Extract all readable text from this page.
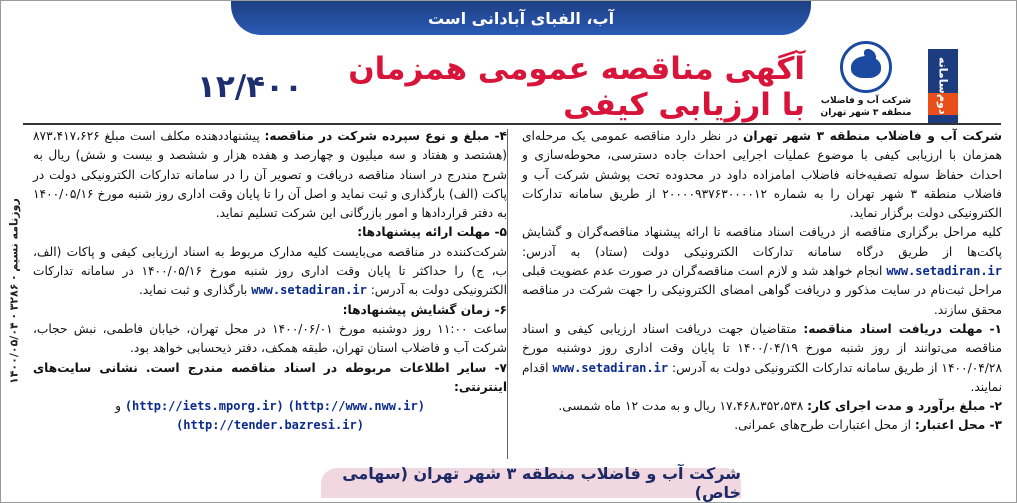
آب، الفبای آبادانی است
شرکت آب و فاضلاب منطقه ۳ شهر تهران
سامانه
دوم
آگهی مناقصه عمومی همزمان با ارزیابی کیفی
۱۲/۴۰۰
روزنامه نسیم · ۳۲۸۶ · ۱۴۰۰/۰۵/۰۴

شرکت آب و فاضلاب منطقه ۳ شهر تهران در نظر دارد مناقصه عمومی یک مرحله‌ای همزمان با ارزیابی کیفی با موضوع عملیات اجرایی احداث جاده دسترسی، محوطه‌سازی و احداث حفاظ سوله تصفیه‌خانه فاضلاب امامزاده داود در محدوده تحت پوشش شرکت آب و فاضلاب منطقه ۳ شهر تهران را به شماره ۲۰۰۰۰۹۳۷۶۳۰۰۰۰۱۲ از طریق سامانه تدارکات الکترونیکی دولت برگزار نماید.

کلیه مراحل برگزاری مناقصه از دریافت اسناد مناقصه تا ارائه پیشنهاد مناقصه‌گران و گشایش پاکت‌ها از طریق درگاه سامانه تدارکات الکترونیکی دولت (ستاد) به آدرس: www.setadiran.ir انجام خواهد شد و لازم است مناقصه‌گران در صورت عدم عضویت قبلی مراحل ثبت‌نام در سایت مذکور و دریافت گواهی امضای الکترونیکی را جهت شرکت در مناقصه محقق سازند.

۱- مهلت دریافت اسناد مناقصه: متقاضیان جهت دریافت اسناد ارزیابی کیفی و اسناد مناقصه می‌توانند از روز شنبه مورخ ۱۴۰۰/۰۴/۱۹ تا پایان وقت اداری روز دوشنبه مورخ ۱۴۰۰/۰۴/۲۸ از طریق سامانه تدارکات الکترونیکی دولت به آدرس: www.setadiran.ir اقدام نمایند.

۲- مبلغ برآورد و مدت اجرای کار: ۱۷،۴۶۸،۳۵۲،۵۳۸ ریال و به مدت ۱۲ ماه شمسی.

۳- محل اعتبار: از محل اعتبارات طرح‌های عمرانی.

۴- مبلغ و نوع سپرده شرکت در مناقصه: پیشنهاددهنده مکلف است مبلغ ۸۷۳،۴۱۷،۶۲۶ (هشتصد و هفتاد و سه میلیون و چهارصد و هفده هزار و ششصد و بیست و شش) ریال به شرح مندرج در اسناد مناقصه دریافت و تصویر آن را در سامانه تدارکات الکترونیکی دولت در پاکت (الف) بارگذاری و ثبت نماید و اصل آن را تا پایان وقت اداری روز شنبه مورخ ۱۴۰۰/۰۵/۱۶ به دفتر قراردادها و امور بازرگانی این شرکت تسلیم نماید.

۵- مهلت ارائه پیشنهادها:

شرکت‌کننده در مناقصه می‌بایست کلیه مدارک مربوط به اسناد ارزیابی کیفی و پاکات (الف، ب، ج) را حداکثر تا پایان وقت اداری روز شنبه مورخ ۱۴۰۰/۰۵/۱۶ در سامانه تدارکات الکترونیکی دولت به آدرس: www.setadiran.ir بارگذاری و ثبت نماید.

۶- زمان گشایش پیشنهادها:

ساعت ۱۱:۰۰ روز دوشنبه مورخ ۱۴۰۰/۰۶/۰۱ در محل تهران، خیابان فاطمی، نبش حجاب، شرکت آب و فاضلاب استان تهران، طبقه همکف، دفتر ذیحسابی خواهد بود.

۷- سایر اطلاعات مربوطه در اسناد مناقصه مندرج است. نشانی سایت‌های اینترنتی:

(http://iets.mporg.ir) (http://www.nww.ir) و (http://tender.bazresi.ir)

شرکت آب و فاضلاب منطقه ۳ شهر تهران (سهامی خاص)
